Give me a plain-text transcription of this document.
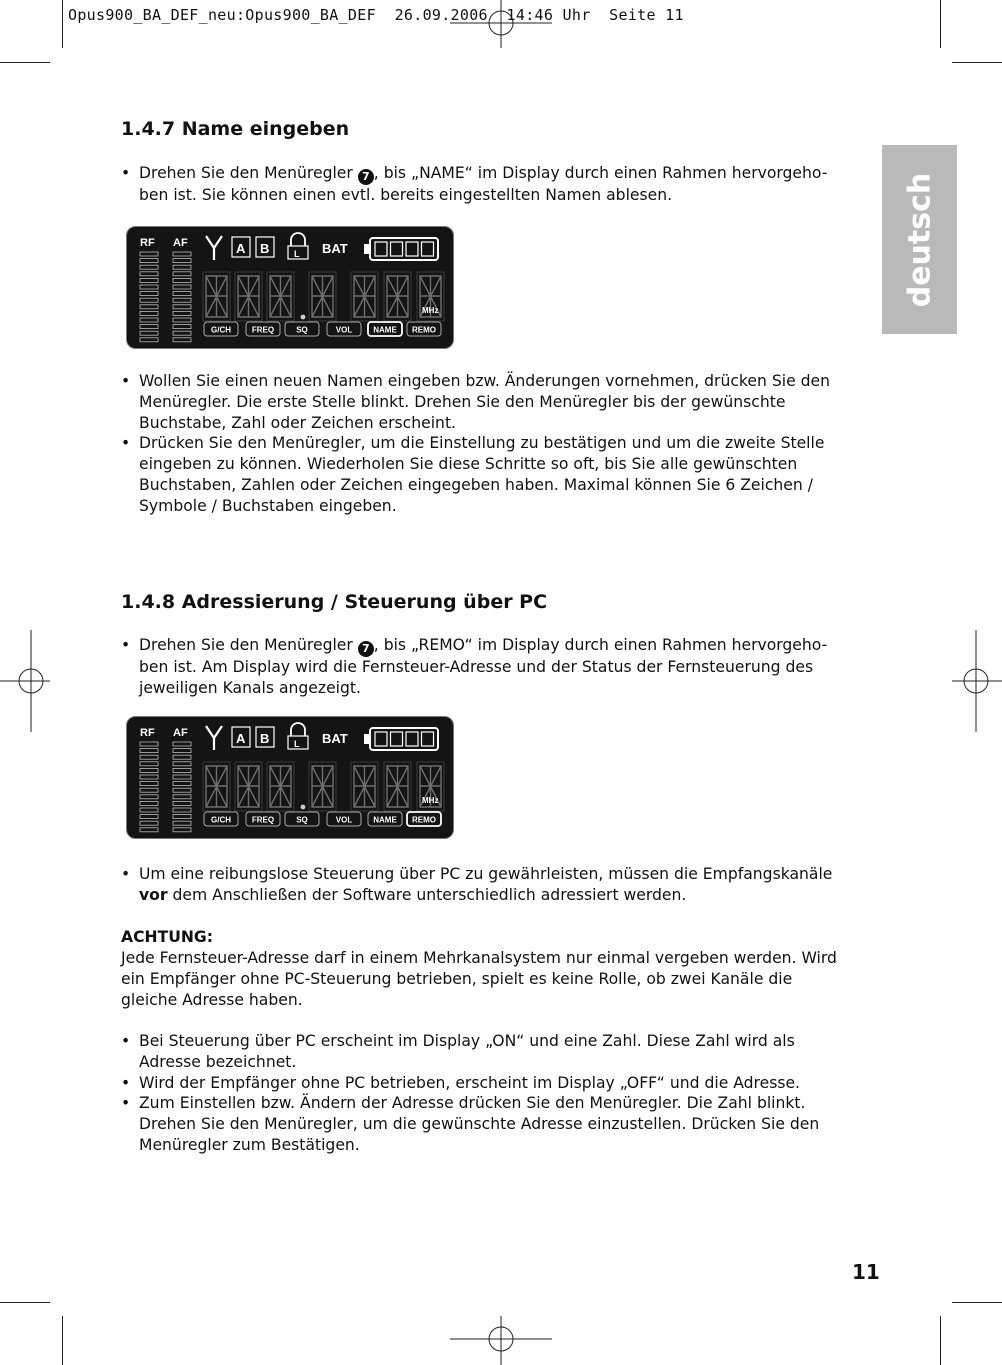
Opus900_BA_DEF_neu:Opus900_BA_DEF  26.09.2006  14:46 Uhr  Seite 11
deutsch
1.4.7 Name eingeben
• Drehen Sie den Menüregler 7 , bis „NAME“ im Display durch einen Rahmen hervorgeho-ben ist. Sie können einen evtl. bereits eingestellten Namen ablesen.
RF AF	A B	L BAT
MHz
G/CH	FREQ	SQ	VOL	NAME REMO
• Wollen Sie einen neuen Namen eingeben bzw. Änderungen vornehmen, drücken Sie den Menüregler. Die erste Stelle blinkt. Drehen Sie den Menüregler bis der gewünschte Buchstabe, Zahl oder Zeichen erscheint.
• Drücken Sie den Menüregler, um die Einstellung zu bestätigen und um die zweite Stelle eingeben zu können. Wiederholen Sie diese Schritte so oft, bis Sie alle gewünschten Buchstaben, Zahlen oder Zeichen eingegeben haben. Maximal können Sie 6 Zeichen / Symbole / Buchstaben eingeben.
1.4.8 Adressierung / Steuerung über PC
• Drehen Sie den Menüregler 7 , bis „REMO“ im Display durch einen Rahmen hervorgeho-ben ist. Am Display wird die Fernsteuer-Adresse und der Status der Fernsteuerung des jeweiligen Kanals angezeigt.
RF AF	A B	L BAT
MHz
G/CH	FREQ	SQ	VOL	NAME REMO
• Um eine reibungslose Steuerung über PC zu gewährleisten, müssen die Empfangskanäle
vor dem Anschließen der Software unterschiedlich adressiert werden.

ACHTUNG:

Jede Fernsteuer-Adresse darf in einem Mehrkanalsystem nur einmal vergeben werden. Wird ein Empfänger ohne PC-Steuerung betrieben, spielt es keine Rolle, ob zwei Kanäle die gleiche Adresse haben.

• Bei Steuerung über PC erscheint im Display „ON“ und eine Zahl. Diese Zahl wird als Adresse bezeichnet.
• Wird der Empfänger ohne PC betrieben, erscheint im Display „OFF“ und die Adresse.
• Zum Einstellen bzw. Ändern der Adresse drücken Sie den Menüregler. Die Zahl blinkt. Drehen Sie den Menüregler, um die gewünschte Adresse einzustellen. Drücken Sie den Menüregler zum Bestätigen.
11
